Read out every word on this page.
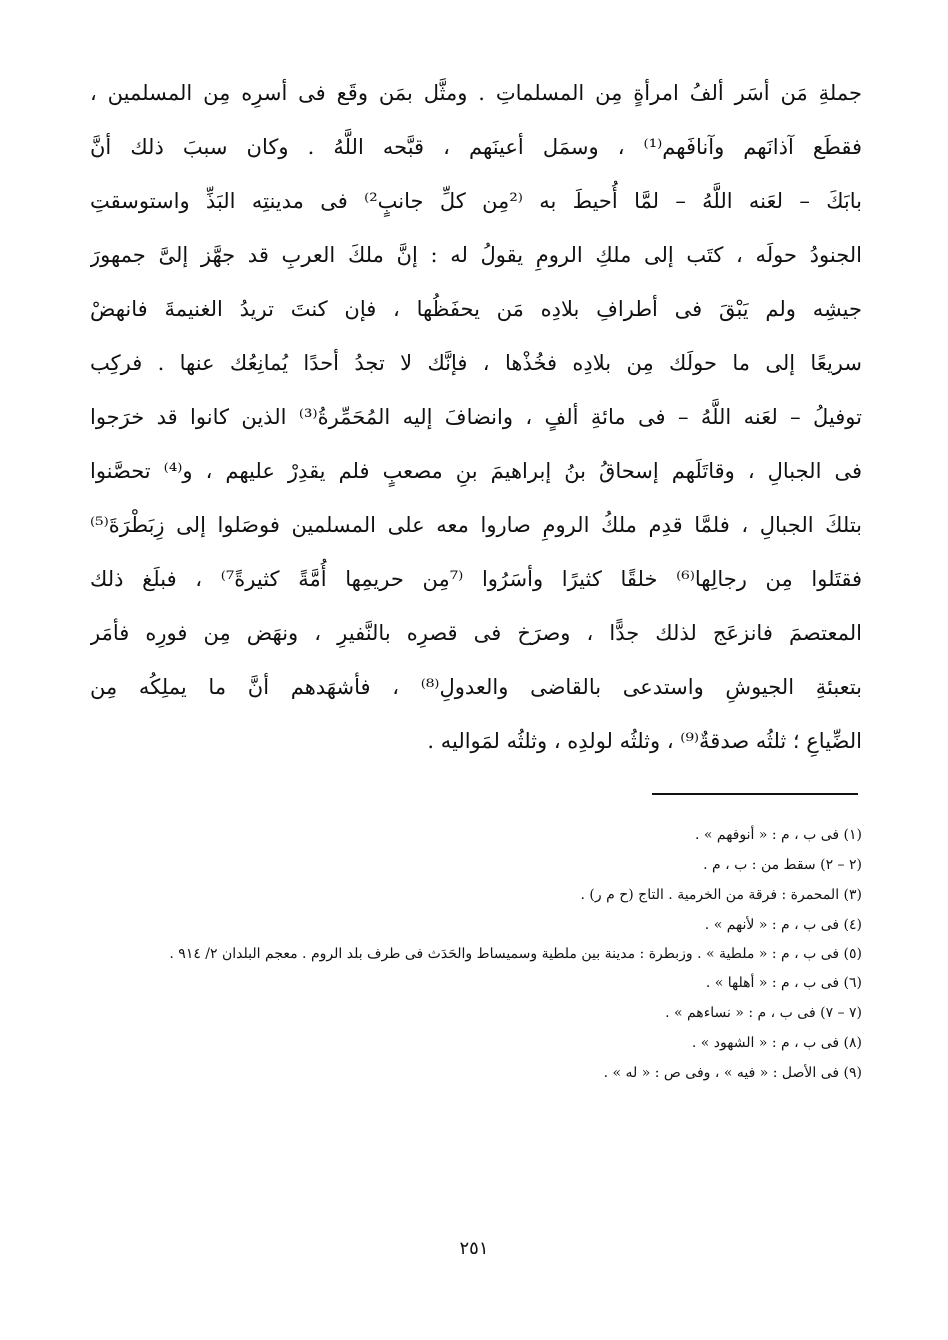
جملةِ مَن أسَر ألفُ امرأةٍ مِن المسلماتِ . ومثَّل بمَن وقَع فى أسرِه مِن المسلمين ،
فقطَع آذانَهم وآنافَهم⁽¹⁾ ، وسمَل أعينَهم ، قبَّحه اللَّهُ . وكان سببَ ذلك أنَّ
بابَكَ – لعَنه اللَّهُ – لمَّا أُحيطَ به ⁽²مِن كلِّ جانبٍ²⁾ فى مدينتِه البَذِّ واستوسقتِ
الجنودُ حولَه ، كتَب إلى ملكِ الرومِ يقولُ له : إنَّ ملكَ العربِ قد جهَّز إلىَّ جمهورَ
جيشِه ولم يَبْقَ فى أطرافِ بلادِه مَن يحفَظُها ، فإن كنتَ تريدُ الغنيمةَ فانهضْ
سريعًا إلى ما حولَك مِن بلادِه فخُذْها ، فإنَّك لا تجدُ أحدًا يُمانِعُك عنها . فركِب
توفيلُ – لعَنه اللَّهُ – فى مائةِ ألفٍ ، وانضافَ إليه المُحَمِّرةُ⁽³⁾ الذين كانوا قد خرَجوا
فى الجبالِ ، وقاتَلَهم إسحاقُ بنُ إبراهيمَ بنِ مصعبٍ فلم يقدِرْ عليهم ، و⁽⁴⁾ تحصَّنوا
بتلكَ الجبالِ ، فلمَّا قدِم ملكُ الرومِ صاروا معه على المسلمين فوصَلوا إلى زِبَطْرَةَ⁽⁵⁾
فقتَلوا مِن رجالِها⁽⁶⁾ خلقًا كثيرًا وأسَرُوا ⁽⁷مِن حريمِها أُمَّةً كثيرةً⁷⁾ ، فبلَغ ذلك
المعتصمَ فانزعَج لذلك جدًّا ، وصرَخ فى قصرِه بالنَّفيرِ ، ونهَض مِن فورِه فأمَر
بتعبئةِ الجيوشِ واستدعى بالقاضى والعدولِ⁽⁸⁾ ، فأشهَدهم أنَّ ما يملِكُه مِن
الضِّياعِ ؛ ثلثُه صدقةٌ⁽⁹⁾ ، وثلثُه لولدِه ، وثلثُه لمَواليه .
(١) فى ب ، م : « أنوفهم » .
(٢ – ٢) سقط من : ب ، م .
(٣) المحمرة : فرقة من الخرمية . التاج (ح م ر) .
(٤) فى ب ، م : « لأنهم » .
(٥) فى ب ، م : « ملطية » . وزبطرة : مدينة بين ملطية وسميساط والحَدَث فى طرف بلد الروم . معجم البلدان ٢/ ٩١٤ .
(٦) فى ب ، م : « أهلها » .
(٧ – ٧) فى ب ، م : « نساءهم » .
(٨) فى ب ، م : « الشهود » .
(٩) فى الأصل : « فيه » ، وفى ص : « له » .
٢٥١
